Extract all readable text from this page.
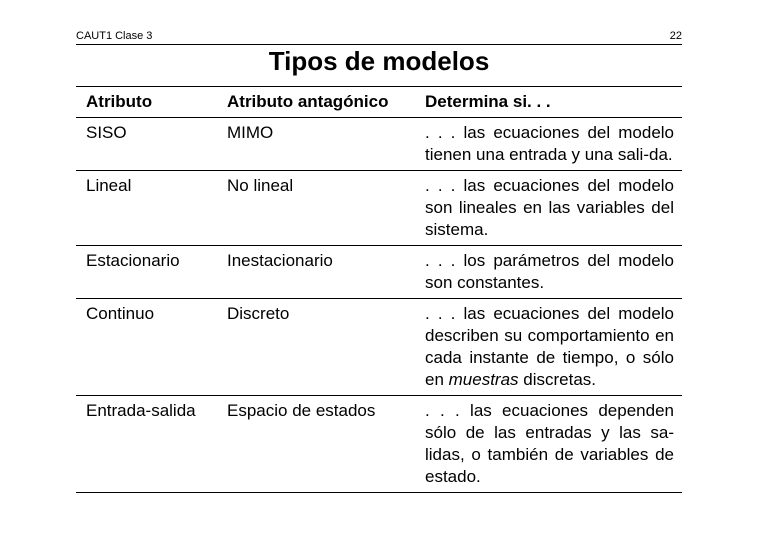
CAUT1 Clase 3	22
Tipos de modelos
Atributo	Atributo antagónico	Determina si. . .
SISO	MIMO	. . . las ecuaciones del modelo tienen una entrada y una sali-da.
Lineal	No lineal	. . . las ecuaciones del modelo son lineales en las variables del sistema.
Estacionario	Inestacionario	. . . los parámetros del modelo son constantes.
Continuo	Discreto	. . . las ecuaciones del modelo describen su comportamiento en cada instante de tiempo, o sólo en muestras discretas.
Entrada-salida	Espacio de estados	. . . las ecuaciones dependen sólo de las entradas y las sa-lidas, o también de variables de estado.
